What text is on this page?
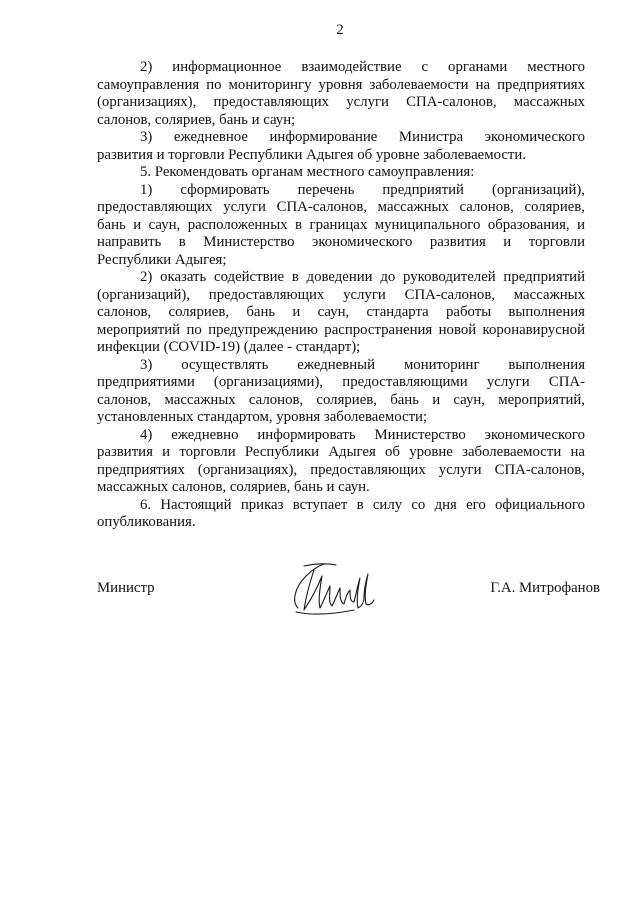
2
2) информационное взаимодействие с органами местного
самоуправления по мониторингу уровня заболеваемости на предприятиях
(организациях), предоставляющих услуги СПА-салонов, массажных
салонов, соляриев, бань и саун;
3) ежедневное информирование Министра экономического
развития и торговли Республики Адыгея об уровне заболеваемости.
5. Рекомендовать органам местного самоуправления:
1) сформировать перечень предприятий (организаций),
предоставляющих услуги СПА-салонов, массажных салонов, соляриев,
бань и саун, расположенных в границах муниципального образования, и
направить в Министерство экономического развития и торговли
Республики Адыгея;
2) оказать содействие в доведении до руководителей предприятий
(организаций), предоставляющих услуги СПА-салонов, массажных
салонов, соляриев, бань и саун, стандарта работы выполнения
мероприятий по предупреждению распространения новой коронавирусной
инфекции (COVID-19) (далее - стандарт);
3) осуществлять ежедневный мониторинг выполнения
предприятиями (организациями), предоставляющими услуги СПА-
салонов, массажных салонов, соляриев, бань и саун, мероприятий,
установленных стандартом, уровня заболеваемости;
4) ежедневно информировать Министерство экономического
развития и торговли Республики Адыгея об уровне заболеваемости на
предприятиях (организациях), предоставляющих услуги СПА-салонов,
массажных салонов, соляриев, бань и саун.
6. Настоящий приказ вступает в силу со дня его официального
опубликования.
Министр	Г.А. Митрофанов
